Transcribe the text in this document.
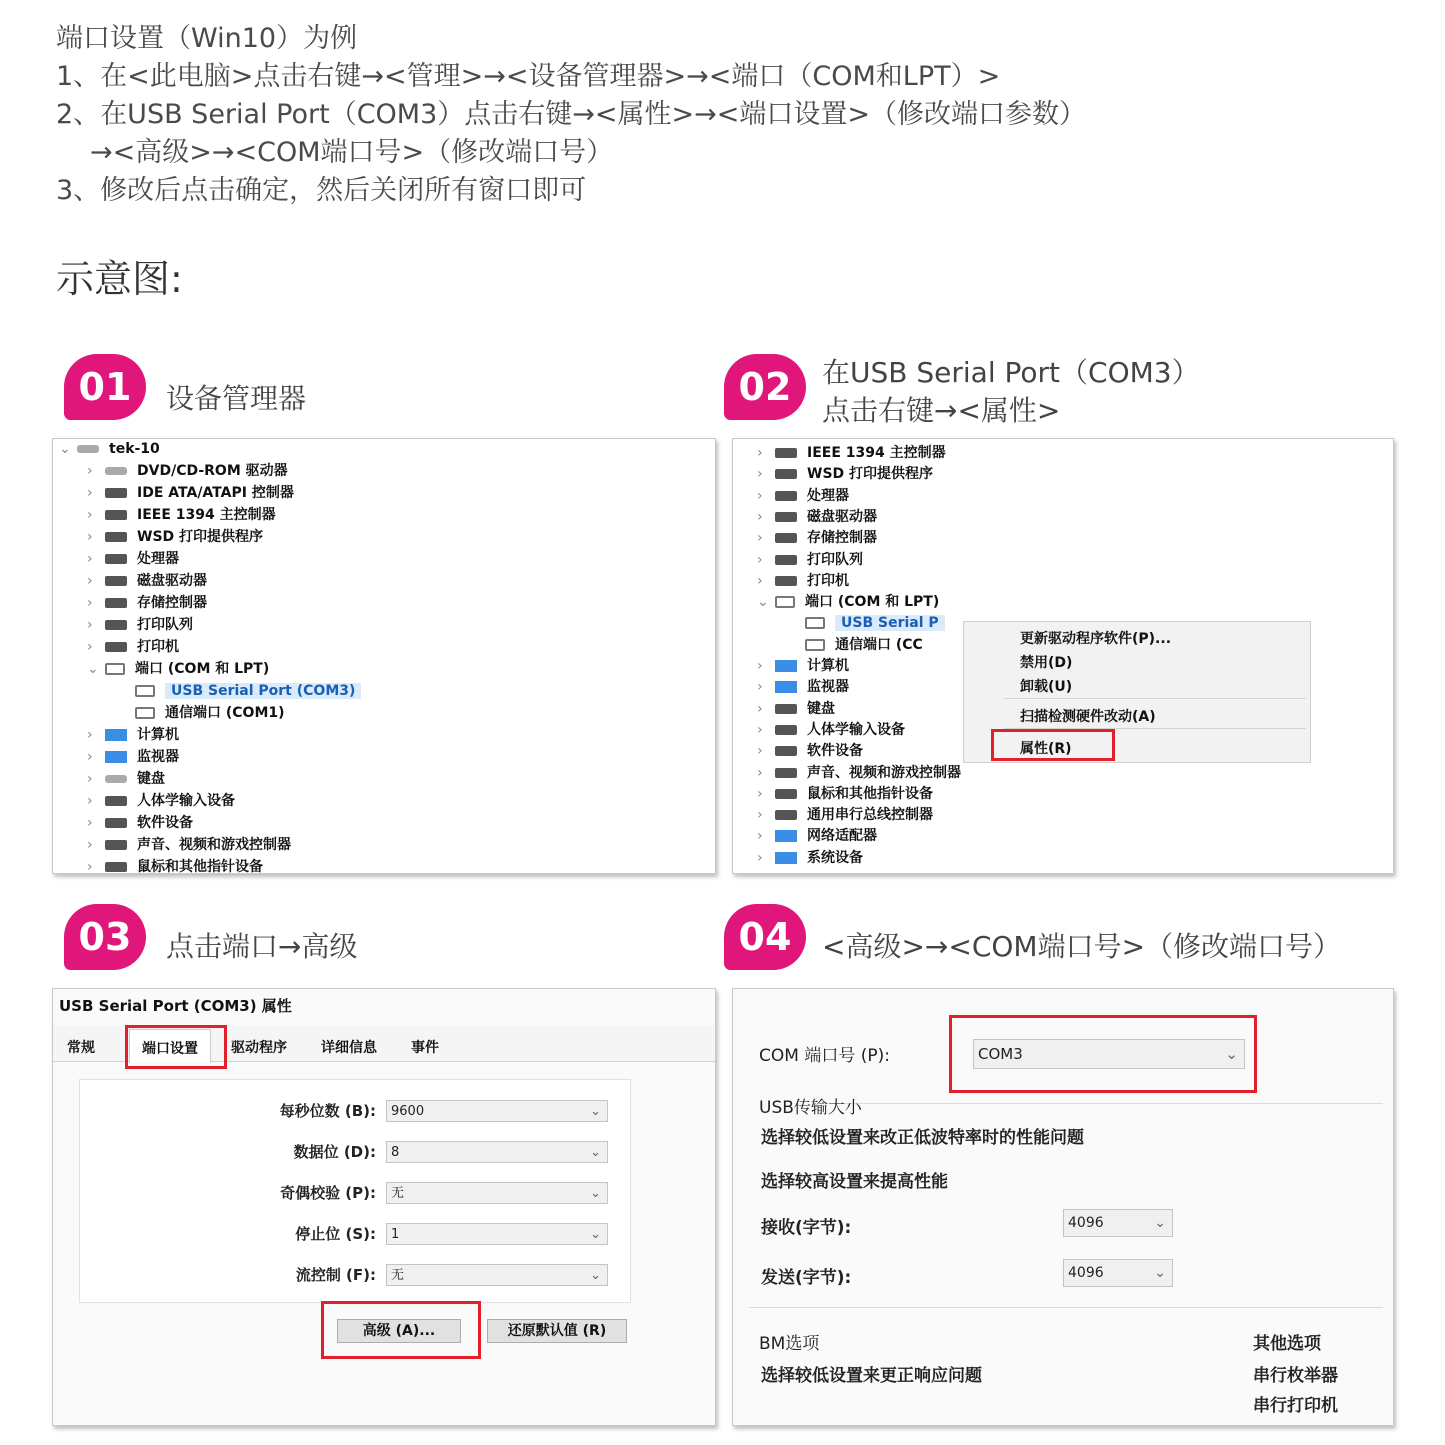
端口设置（Win10）为例
1、在<此电脑>点击右键→<管理>→<设备管理器>→<端口（COM和LPT）>
2、在USB Serial Port（COM3）点击右键→<属性>→<端口设置>（修改端口参数）
→<高级>→<COM端口号>（修改端口号）
3、修改后点击确定，然后关闭所有窗口即可
示意图:
01	设备管理器	02	在USB Serial Port（COM3）
点击右键→<属性>
03	点击端口→高级	04	<高级>→<COM端口号>（修改端口号）
⌄	tek-10
›	DVD/CD-ROM 驱动器
›	IDE ATA/ATAPI 控制器
›	IEEE 1394 主控制器
›	WSD 打印提供程序
›	处理器
›	磁盘驱动器
›	存储控制器
›	打印队列
›	打印机
⌄	端口 (COM 和 LPT)
USB Serial Port (COM3)
通信端口 (COM1)
›	计算机
›	监视器
›	键盘
›	人体学输入设备
›	软件设备
›	声音、视频和游戏控制器
›	鼠标和其他指针设备
›	IEEE 1394 主控制器
›	WSD 打印提供程序
›	处理器
›	磁盘驱动器
›	存储控制器
›	打印队列
›	打印机
⌄	端口 (COM 和 LPT)
USB Serial P
通信端口 (CC
›	计算机
›	监视器
›	键盘
›	人体学输入设备
›	软件设备
›	声音、视频和游戏控制器
›	鼠标和其他指针设备
›	通用串行总线控制器
›	网络适配器
›	系统设备
更新驱动程序软件(P)...
禁用(D)
卸载(U)
扫描检测硬件改动(A)
属性(R)
USB Serial Port (COM3) 属性
常规	端口设置	驱动程序 详细信息 事件
每秒位数 (B):	9600	⌄
数据位 (D):	8	⌄
奇偶校验 (P):	无	⌄
停止位 (S):	1	⌄
流控制 (F):	无	⌄
高级 (A)...	还原默认值 (R)
COM 端口号 (P):	COM3	⌄
USB传输大小
选择较低设置来改正低波特率时的性能问题
选择较高设置来提高性能
接收(字节):	4096	⌄
发送(字节):	4096	⌄
BM选项
选择较低设置来更正响应问题
其他选项
串行枚举器
串行打印机
